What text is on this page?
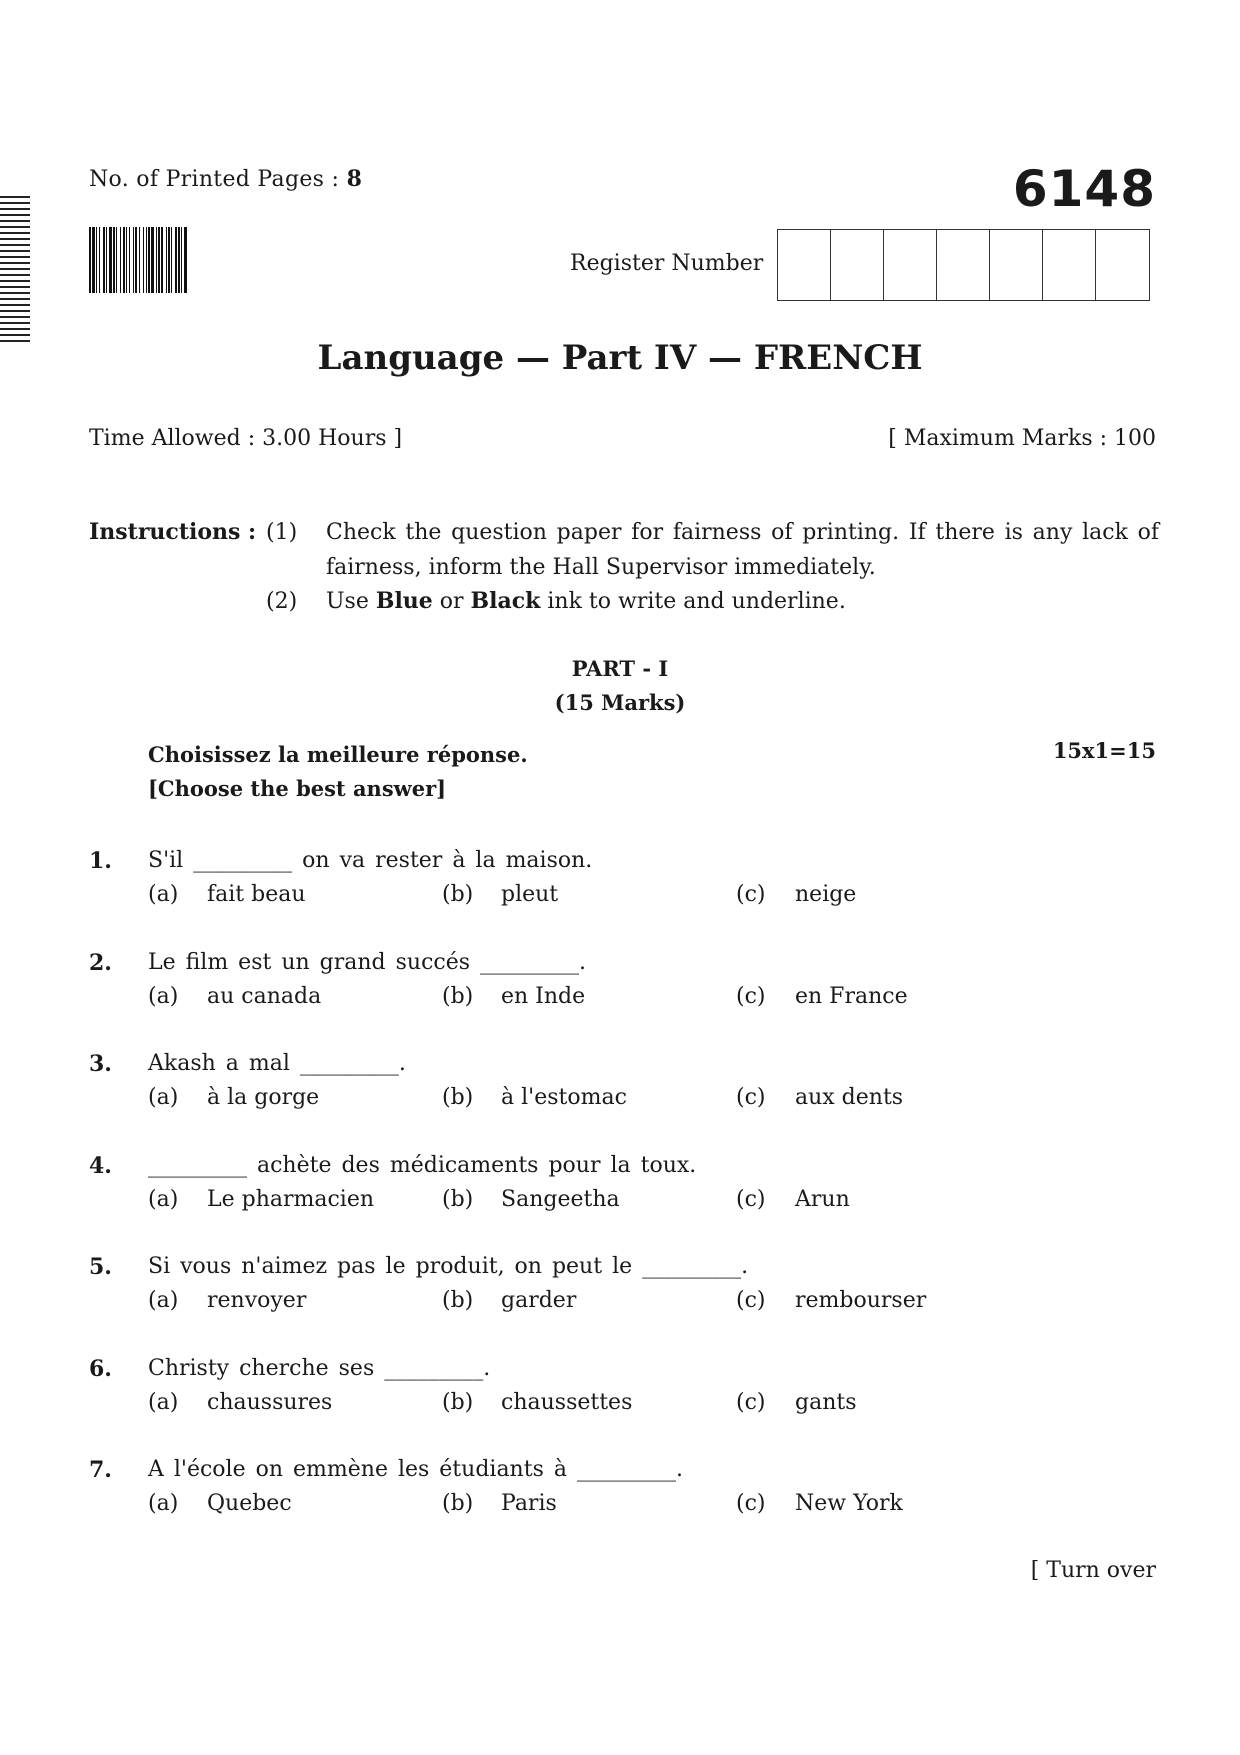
No. of Printed Pages : 8	6148
Register Number
Language — Part IV — FRENCH
Time Allowed : 3.00 Hours ]	[ Maximum Marks : 100
Instructions : (1) Check the question paper for fairness of printing. If there is any lack of fairness, inform the Hall Supervisor immediately.
(2) Use Blue or Black ink to write and underline.
PART - I
(15 Marks)
Choisissez la meilleure réponse.
[Choose the best answer]
15x1=15
1. S'il _________ on va rester à la maison.
(a) fait beau	(b) pleut	(c) neige
2. Le film est un grand succés _________.
(a) au canada	(b) en Inde	(c) en France
3. Akash a mal _________.
(a) à la gorge	(b) à l'estomac	(c) aux dents
4. _________ achète des médicaments pour la toux.
(a) Le pharmacien	(b) Sangeetha	(c) Arun
5. Si vous n'aimez pas le produit, on peut le _________.
(a) renvoyer	(b) garder	(c) rembourser
6. Christy cherche ses _________.
(a) chaussures	(b) chaussettes	(c) gants
7. A l'école on emmène les étudiants à _________.
(a) Quebec	(b) Paris	(c) New York
[ Turn over
